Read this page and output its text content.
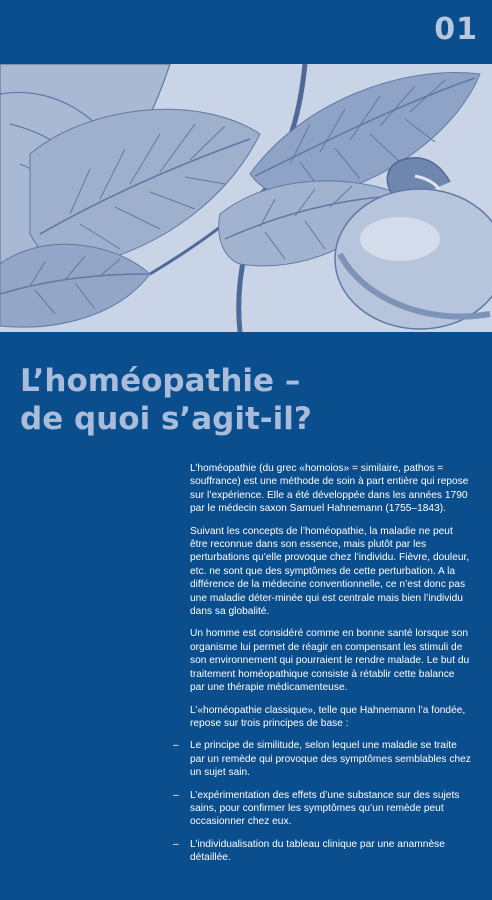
01
L’homéopathie –
de quoi s’agit-il?

L’homéopathie (du grec «homoios» = similaire, pathos = souffrance) est une méthode de soin à part entière qui repose sur l’expérience. Elle a été développée dans les années 1790 par le médecin saxon Samuel Hahnemann (1755–1843).

Suivant les concepts de l’homéopathie, la maladie ne peut être reconnue dans son essence, mais plutôt par les perturbations qu’elle provoque chez l’individu. Fièvre, douleur, etc. ne sont que des symptômes de cette perturbation. A la différence de la médecine conventionnelle, ce n’est donc pas une maladie déter-minée qui est centrale mais bien l’individu dans sa globalité.

Un homme est considéré comme en bonne santé lorsque son organisme lui permet de réagir en compensant les stimuli de son environnement qui pourraient le rendre malade. Le but du traitement homéopathique consiste à rétablir cette balance par une thérapie médicamenteuse.

L’«homéopathie classique», telle que Hahnemann l’a fondée, repose sur trois principes de base :

– Le principe de similitude, selon lequel une maladie se traite par un remède qui provoque des symptômes semblables chez un sujet sain.
– L’expérimentation des effets d’une substance sur des sujets sains, pour confirmer les symptômes qu’un remède peut occasionner chez eux.
– L’individualisation du tableau clinique par une anamnèse détaillée.
